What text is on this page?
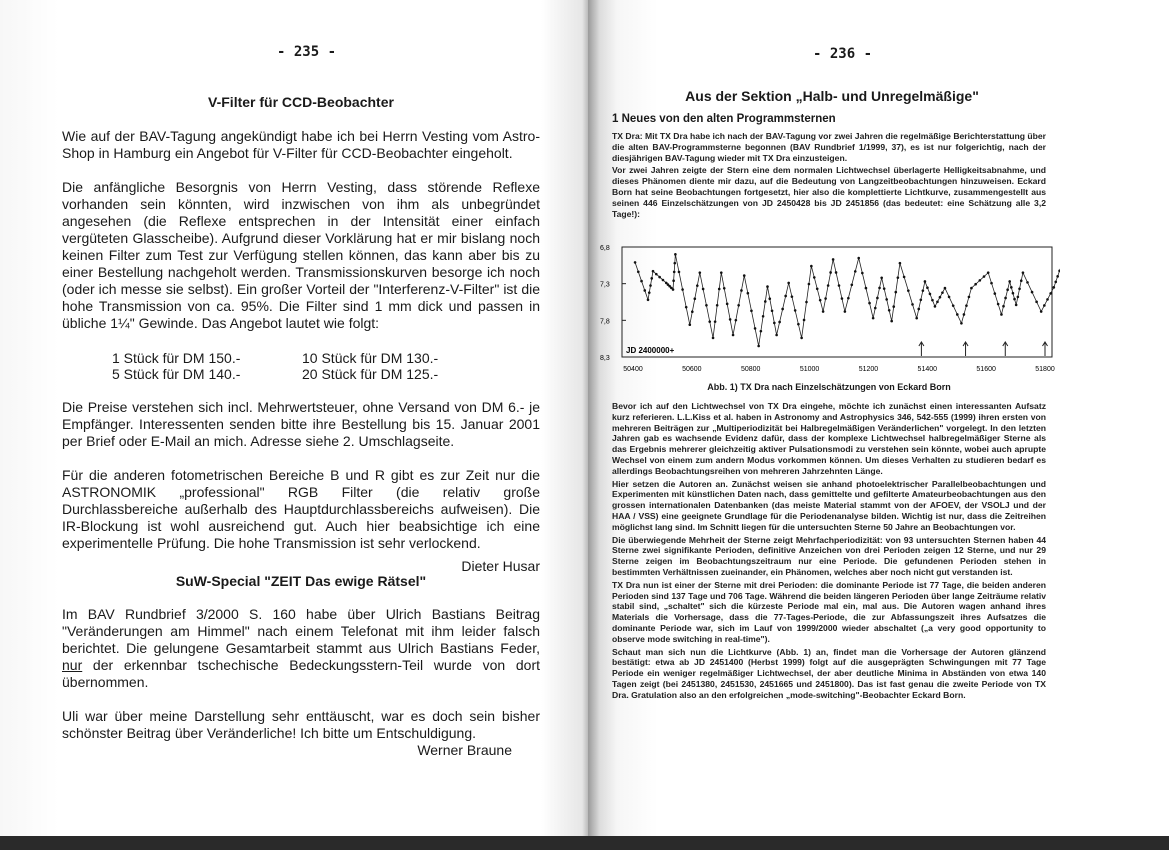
- 235 -
V-Filter für CCD-Beobachter

Wie auf der BAV-Tagung angekündigt habe ich bei Herrn Vesting vom Astro-Shop in Hamburg ein Angebot für V-Filter für CCD-Beobachter eingeholt.

Die anfängliche Besorgnis von Herrn Vesting, dass störende Reflexe vorhanden sein könnten, wird inzwischen von ihm als unbegründet angesehen (die Reflexe entsprechen in der Intensität einer einfach vergüteten Glasscheibe). Aufgrund dieser Vorklärung hat er mir bislang noch keinen Filter zum Test zur Verfügung stellen können, das kann aber bis zu einer Bestellung nachgeholt werden. Transmissionskurven besorge ich noch (oder ich messe sie selbst). Ein großer Vorteil der "Interferenz-V-Filter" ist die hohe Transmission von ca. 95%. Die Filter sind 1 mm dick und passen in übliche 1¼" Gewinde. Das Angebot lautet wie folgt:

1 Stück für DM 150.-	10 Stück für DM 130.-
5 Stück für DM 140.-	20 Stück für DM 125.-

Die Preise verstehen sich incl. Mehrwertsteuer, ohne Versand von DM 6.- je Empfänger. Interessenten senden bitte ihre Bestellung bis 15. Januar 2001 per Brief oder E-Mail an mich. Adresse siehe 2. Umschlagseite.

Für die anderen fotometrischen Bereiche B und R gibt es zur Zeit nur die ASTRONOMIK „professional" RGB Filter (die relativ große Durchlassbereiche außerhalb des Hauptdurchlassbereichs aufweisen). Die IR-Blockung ist wohl ausreichend gut. Auch hier beabsichtige ich eine experimentelle Prüfung. Die hohe Transmission ist sehr verlockend.

Dieter Husar
SuW-Special "ZEIT Das ewige Rätsel"

Im BAV Rundbrief 3/2000 S. 160 habe über Ulrich Bastians Beitrag "Veränderungen am Himmel" nach einem Telefonat mit ihm leider falsch berichtet. Die gelungene Gesamtarbeit stammt aus Ulrich Bastians Feder, nur der erkennbar tschechische Bedeckungsstern-Teil wurde von dort übernommen.

Uli war über meine Darstellung sehr enttäuscht, war es doch sein bisher schönster Beitrag über Veränderliche! Ich bitte um Entschuldigung.

Werner Braune
- 236 -
Aus der Sektion „Halb- und Unregelmäßige"
1 Neues von den alten Programmsternen

TX Dra: Mit TX Dra habe ich nach der BAV-Tagung vor zwei Jahren die regelmäßige Berichterstattung über die alten BAV-Programmsterne begonnen (BAV Rundbrief 1/1999, 37), es ist nur folgerichtig, nach der diesjährigen BAV-Tagung wieder mit TX Dra einzusteigen.

Vor zwei Jahren zeigte der Stern eine dem normalen Lichtwechsel überlagerte Helligkeitsabnahme, und dieses Phänomen diente mir dazu, auf die Bedeutung von Langzeitbeobachtungen hinzuweisen. Eckard Born hat seine Beobachtungen fortgesetzt, hier also die komplettierte Lichtkurve, zusammengestellt aus seinen 446 Einzelschätzungen von JD 2450428 bis JD 2451856 (das bedeutet: eine Schätzung alle 3,2 Tage!):

6,8
7,3
7,8
8,3
50400	50600	50800	51000	51200	51400	51600	51800
JD 2400000+
Abb. 1) TX Dra nach Einzelschätzungen von Eckard Born

Bevor ich auf den Lichtwechsel von TX Dra eingehe, möchte ich zunächst einen interessanten Aufsatz kurz referieren. L.L.Kiss et al. haben in Astronomy and Astrophysics 346, 542-555 (1999) ihren ersten von mehreren Beiträgen zur „Multiperiodizität bei Halbregelmäßigen Veränderlichen" vorgelegt. In den letzten Jahren gab es wachsende Evidenz dafür, dass der komplexe Lichtwechsel halbregelmäßiger Sterne als das Ergebnis mehrerer gleichzeitig aktiver Pulsationsmodi zu verstehen sein könnte, wobei auch aprupte Wechsel von einem zum andern Modus vorkommen können. Um dieses Verhalten zu studieren bedarf es allerdings Beobachtungsreihen von mehreren Jahrzehnten Länge.

Hier setzen die Autoren an. Zunächst weisen sie anhand photoelektrischer Parallelbeobachtungen und Experimenten mit künstlichen Daten nach, dass gemittelte und gefilterte Amateurbeobachtungen aus den grossen internationalen Datenbanken (das meiste Material stammt von der AFOEV, der VSOLJ und der HAA / VSS) eine geeignete Grundlage für die Periodenanalyse bilden. Wichtig ist nur, dass die Zeitreihen möglichst lang sind. Im Schnitt liegen für die untersuchten Sterne 50 Jahre an Beobachtungen vor.

Die überwiegende Mehrheit der Sterne zeigt Mehrfachperiodizität: von 93 untersuchten Sternen haben 44 Sterne zwei signifikante Perioden, definitive Anzeichen von drei Perioden zeigen 12 Sterne, und nur 29 Sterne zeigen im Beobachtungszeitraum nur eine Periode. Die gefundenen Perioden stehen in bestimmten Verhältnissen zueinander, ein Phänomen, welches aber noch nicht gut verstanden ist.

TX Dra nun ist einer der Sterne mit drei Perioden: die dominante Periode ist 77 Tage, die beiden anderen Perioden sind 137 Tage und 706 Tage. Während die beiden längeren Perioden über lange Zeiträume relativ stabil sind, „schaltet" sich die kürzeste Periode mal ein, mal aus. Die Autoren wagen anhand ihres Materials die Vorhersage, dass die 77-Tages-Periode, die zur Abfassungszeit ihres Aufsatzes die dominante Periode war, sich im Lauf von 1999/2000 wieder abschaltet („a very good opportunity to observe mode switching in real-time").

Schaut man sich nun die Lichtkurve (Abb. 1) an, findet man die Vorhersage der Autoren glänzend bestätigt: etwa ab JD 2451400 (Herbst 1999) folgt auf die ausgeprägten Schwingungen mit 77 Tage Periode ein weniger regelmäßiger Lichtwechsel, der aber deutliche Minima in Abständen von etwa 140 Tagen zeigt (bei 2451380, 2451530, 2451665 und 2451800). Das ist fast genau die zweite Periode von TX Dra. Gratulation also an den erfolgreichen „mode-switching"-Beobachter Eckard Born.
